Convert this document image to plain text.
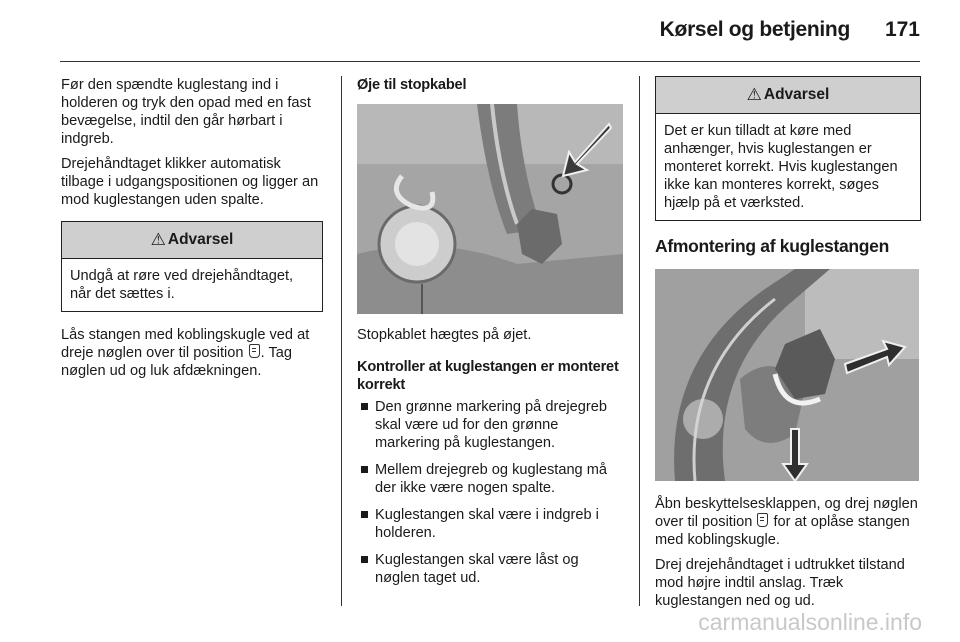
Kørsel og betjening 171

Før den spændte kuglestang ind i holderen og tryk den opad med en fast bevægelse, indtil den går hørbart i indgreb.

Drejehåndtaget klikker automatisk tilbage i udgangspositionen og ligger an mod kuglestangen uden spalte.

⚠ Advarsel
Undgå at røre ved drejehåndtaget, når det sættes i.

Lås stangen med koblingskugle ved at dreje nøglen over til position . Tag nøglen ud og luk afdækningen.

Øje til stopkabel

Stopkablet hægtes på øjet.

Kontroller at kuglestangen er monteret korrekt
Den grønne markering på drejegreb skal være ud for den grønne markering på kuglestangen.
Mellem drejegreb og kuglestang må der ikke være nogen spalte.
Kuglestangen skal være i indgreb i holderen.
Kuglestangen skal være låst og nøglen taget ud.
⚠ Advarsel
Det er kun tilladt at køre med anhænger, hvis kuglestangen er monteret korrekt. Hvis kuglestangen ikke kan monteres korrekt, søges hjælp på et værksted.
Afmontering af kuglestangen

Åbn beskyttelsesklappen, og drej nøglen over til position  for at oplåse stangen med koblingskugle.

Drej drejehåndtaget i udtrukket tilstand mod højre indtil anslag. Træk kuglestangen ned og ud.

carmanualsonline.info
